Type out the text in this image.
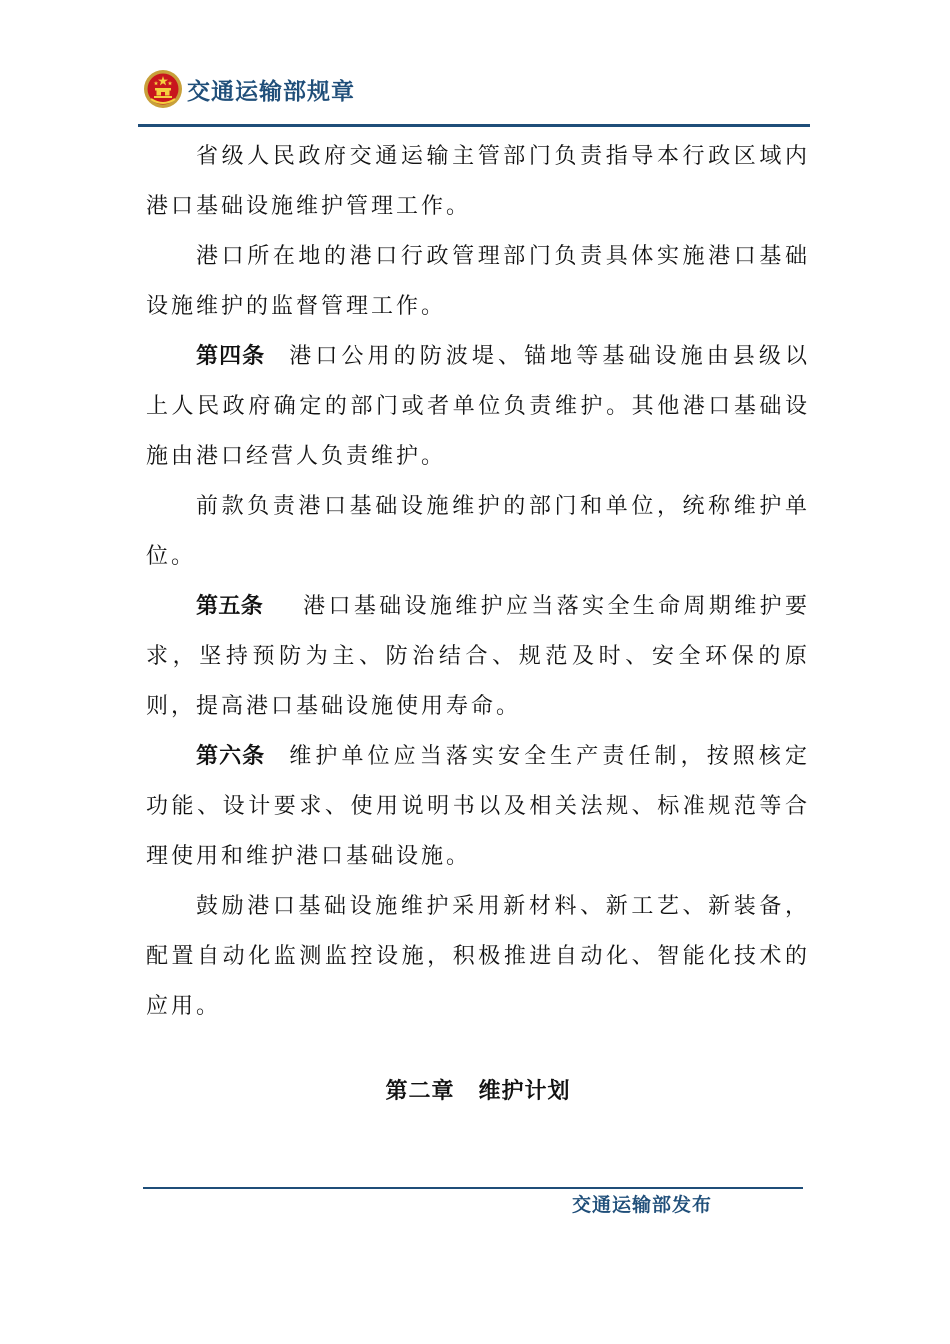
交通运输部规章

省级人民政府交通运输主管部门负责指导本行政区域内港口基础设施维护管理工作。

港口所在地的港口行政管理部门负责具体实施港口基础设施维护的监督管理工作。

第四条 港口公用的防波堤、锚地等基础设施由县级以上人民政府确定的部门或者单位负责维护。其他港口基础设施由港口经营人负责维护。

前款负责港口基础设施维护的部门和单位，统称维护单位。

第五条 港口基础设施维护应当落实全生命周期维护要求，坚持预防为主、防治结合、规范及时、安全环保的原则，提高港口基础设施使用寿命。

第六条 维护单位应当落实安全生产责任制，按照核定功能、设计要求、使用说明书以及相关法规、标准规范等合理使用和维护港口基础设施。

鼓励港口基础设施维护采用新材料、新工艺、新装备，配置自动化监测监控设施，积极推进自动化、智能化技术的应用。

第二章 维护计划
交通运输部发布
